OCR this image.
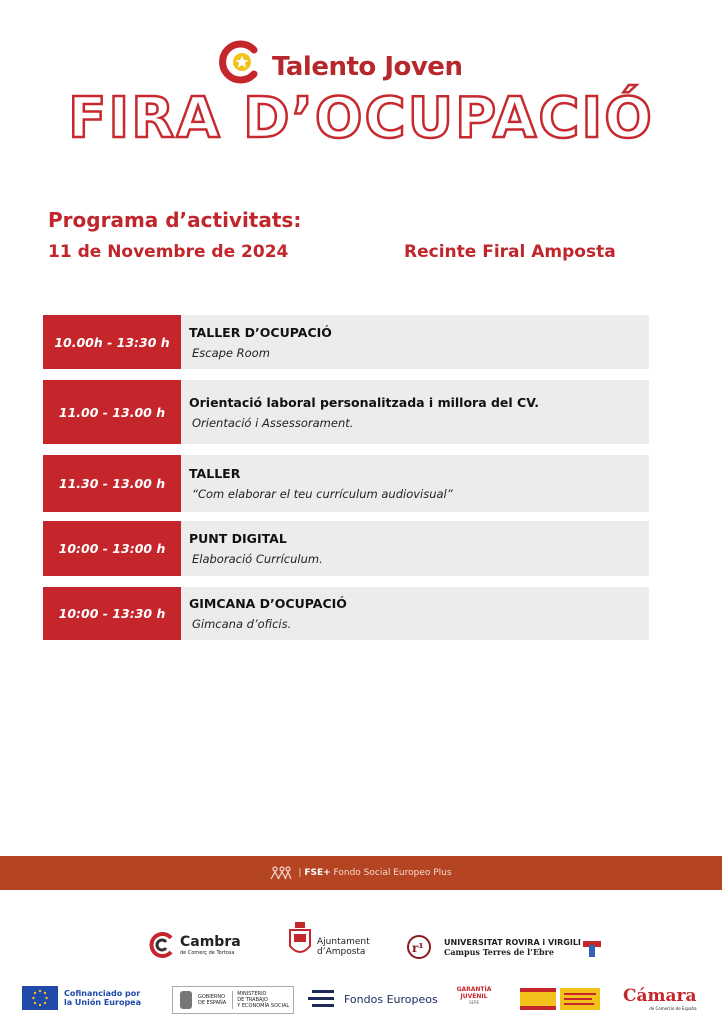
Talento Joven
FIRA D’OCUPACIÓ
Programa d’activitats:
11 de Novembre de 2024	Recinte Firal Amposta
10.00h - 13:30 h
TALLER D’OCUPACIÓ
Escape Room
11.00 - 13.00 h
Orientació laboral personalitzada i millora del CV.
Orientació i Assessorament.
11.30 - 13.00 h
TALLER
“Com elaborar el teu currículum audiovisual”
10:00 - 13:00 h
PUNT DIGITAL
Elaboració Currículum.
10:00 - 13:30 h
GIMCANA D’OCUPACIÓ
Gimcana d’oficis.
| FSE+ Fondo Social Europeo Plus
Cambra
de Comerç de Tortosa
Ajuntament
d’Amposta	r¹	UNIVERSITAT ROVIRA i VIRGILI
Campus Terres de l’Ebre
Cofinanciado por
la Unión Europea
GOBIERNO
DE ESPAÑA
MINISTERIO
DE TRABAJO
Y ECONOMÍA SOCIAL
Fondos Europeos
GARANTÍA
JUVENIL
SEPE	Cámara
de Comercio de España
